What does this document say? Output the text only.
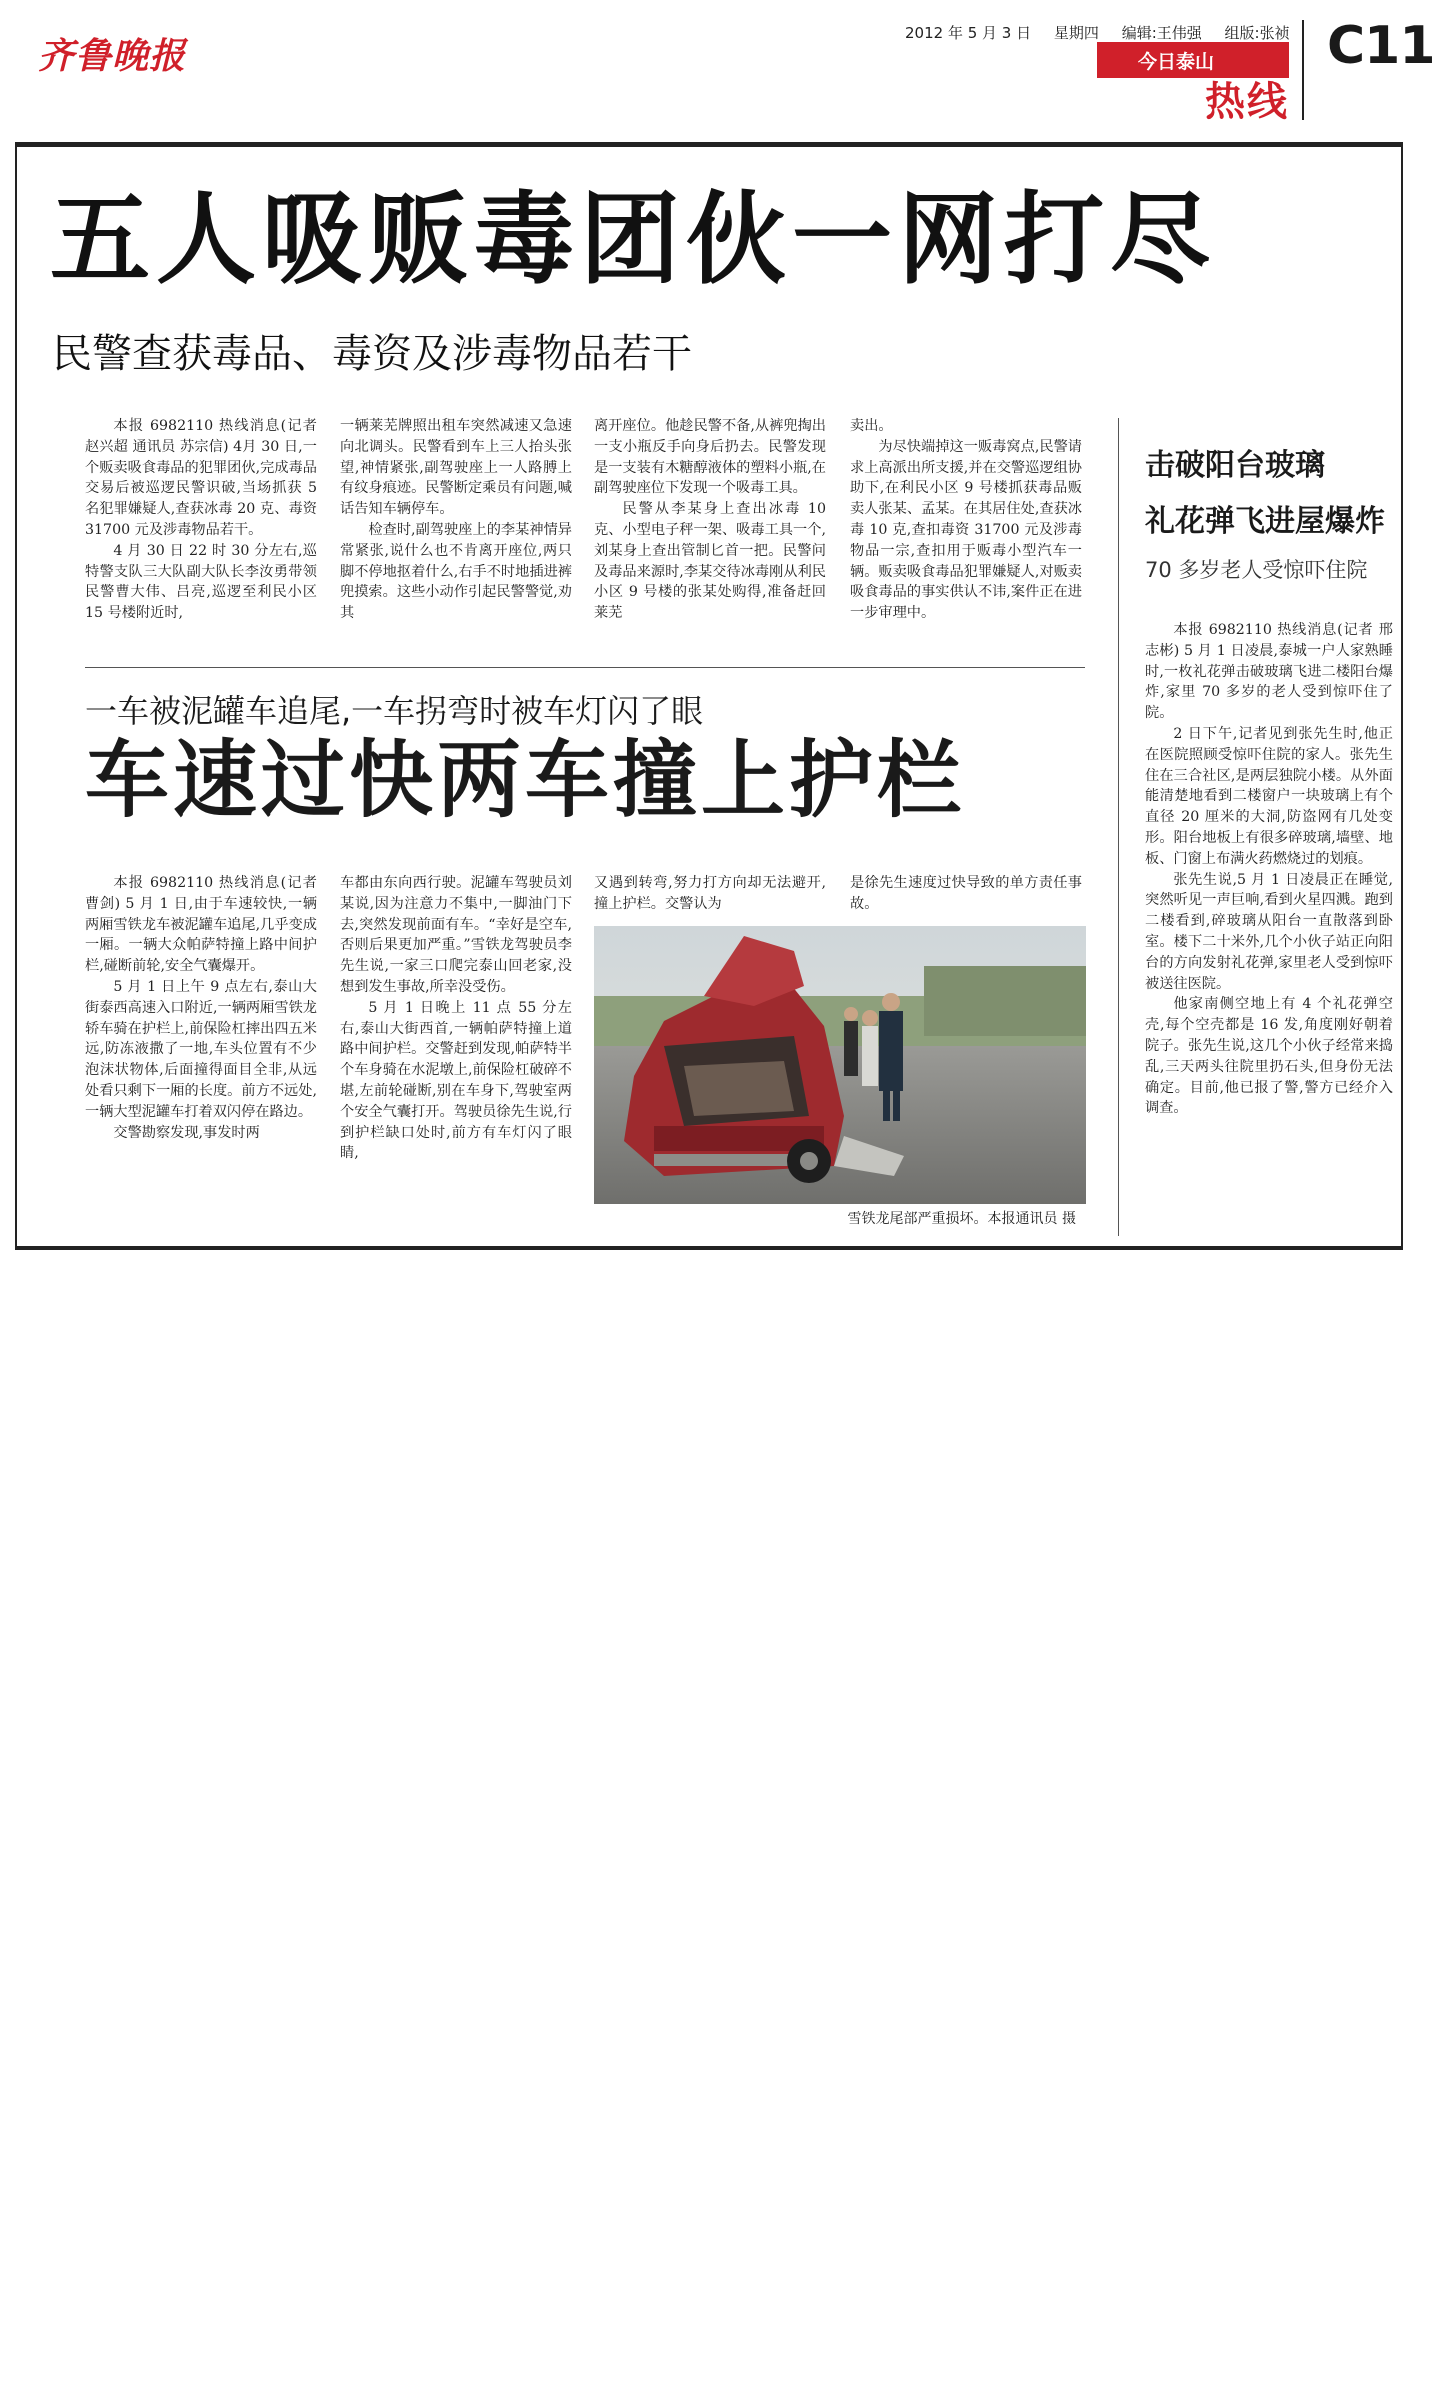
齐鲁晚报
2012 年 5 月 3 日 星期四 编辑:王伟强 组版:张祯
今日泰山
热线
C11
五人吸贩毒团伙一网打尽
民警查获毒品、毒资及涉毒物品若干

本报 6982110 热线消息(记者 赵兴超 通讯员 苏宗信) 4月 30 日,一个贩卖吸食毒品的犯罪团伙,完成毒品交易后被巡逻民警识破,当场抓获 5 名犯罪嫌疑人,查获冰毒 20 克、毒资31700 元及涉毒物品若干。

4 月 30 日 22 时 30 分左右,巡特警支队三大队副大队长李汝勇带领民警曹大伟、吕亮,巡逻至利民小区 15 号楼附近时,

一辆莱芜牌照出租车突然减速又急速向北调头。民警看到车上三人抬头张望,神情紧张,副驾驶座上一人路膊上有纹身痕迹。民警断定乘员有问题,喊话告知车辆停车。

检查时,副驾驶座上的李某神情异常紧张,说什么也不肯离开座位,两只脚不停地抠着什么,右手不时地插进裤兜摸索。这些小动作引起民警警觉,劝其

离开座位。他趁民警不备,从裤兜掏出一支小瓶反手向身后扔去。民警发现是一支装有木糖醇液体的塑料小瓶,在副驾驶座位下发现一个吸毒工具。

民警从李某身上查出冰毒 10 克、小型电子秤一架、吸毒工具一个,刘某身上查出管制匕首一把。民警问及毒品来源时,李某交待冰毒刚从利民小区 9 号楼的张某处购得,准备赶回莱芜

卖出。

为尽快端掉这一贩毒窝点,民警请求上高派出所支援,并在交警巡逻组协助下,在利民小区 9 号楼抓获毒品贩卖人张某、孟某。在其居住处,查获冰毒 10 克,查扣毒资 31700 元及涉毒物品一宗,查扣用于贩毒小型汽车一辆。贩卖吸食毒品犯罪嫌疑人,对贩卖吸食毒品的事实供认不讳,案件正在进一步审理中。

一车被泥罐车追尾,一车拐弯时被车灯闪了眼
车速过快两车撞上护栏

本报 6982110 热线消息(记者 曹剑) 5 月 1 日,由于车速较快,一辆两厢雪铁龙车被泥罐车追尾,几乎变成一厢。一辆大众帕萨特撞上路中间护栏,碰断前轮,安全气囊爆开。

5 月 1 日上午 9 点左右,泰山大街泰西高速入口附近,一辆两厢雪铁龙轿车骑在护栏上,前保险杠摔出四五米远,防冻液撒了一地,车头位置有不少泡沫状物体,后面撞得面目全非,从远处看只剩下一厢的长度。前方不远处,一辆大型泥罐车打着双闪停在路边。

交警勘察发现,事发时两

车都由东向西行驶。泥罐车驾驶员刘某说,因为注意力不集中,一脚油门下去,突然发现前面有车。“幸好是空车,否则后果更加严重。”雪铁龙驾驶员李先生说,一家三口爬完泰山回老家,没想到发生事故,所幸没受伤。

5 月 1 日晚上 11 点 55 分左右,泰山大街西首,一辆帕萨特撞上道路中间护栏。交警赶到发现,帕萨特半个车身骑在水泥墩上,前保险杠破碎不堪,左前轮碰断,别在车身下,驾驶室两个安全气囊打开。驾驶员徐先生说,行到护栏缺口处时,前方有车灯闪了眼睛,

又遇到转弯,努力打方向却无法避开,撞上护栏。交警认为

是徐先生速度过快导致的单方责任事故。

雪铁龙尾部严重损坏。本报通讯员 摄
击破阳台玻璃
礼花弹飞进屋爆炸
70 多岁老人受惊吓住院

本报 6982110 热线消息(记者 邢志彬) 5 月 1 日凌晨,泰城一户人家熟睡时,一枚礼花弹击破玻璃飞进二楼阳台爆炸,家里 70 多岁的老人受到惊吓住了院。

2 日下午,记者见到张先生时,他正在医院照顾受惊吓住院的家人。张先生住在三合社区,是两层独院小楼。从外面能清楚地看到二楼窗户一块玻璃上有个直径 20 厘米的大洞,防盗网有几处变形。阳台地板上有很多碎玻璃,墙壁、地板、门窗上布满火药燃烧过的划痕。

张先生说,5 月 1 日凌晨正在睡觉,突然听见一声巨响,看到火星四溅。跑到二楼看到,碎玻璃从阳台一直散落到卧室。楼下二十米外,几个小伙子站正向阳台的方向发射礼花弹,家里老人受到惊吓被送往医院。

他家南侧空地上有 4 个礼花弹空壳,每个空壳都是 16 发,角度刚好朝着院子。张先生说,这几个小伙子经常来捣乱,三天两头往院里扔石头,但身份无法确定。目前,他已报了警,警方已经介入调查。
